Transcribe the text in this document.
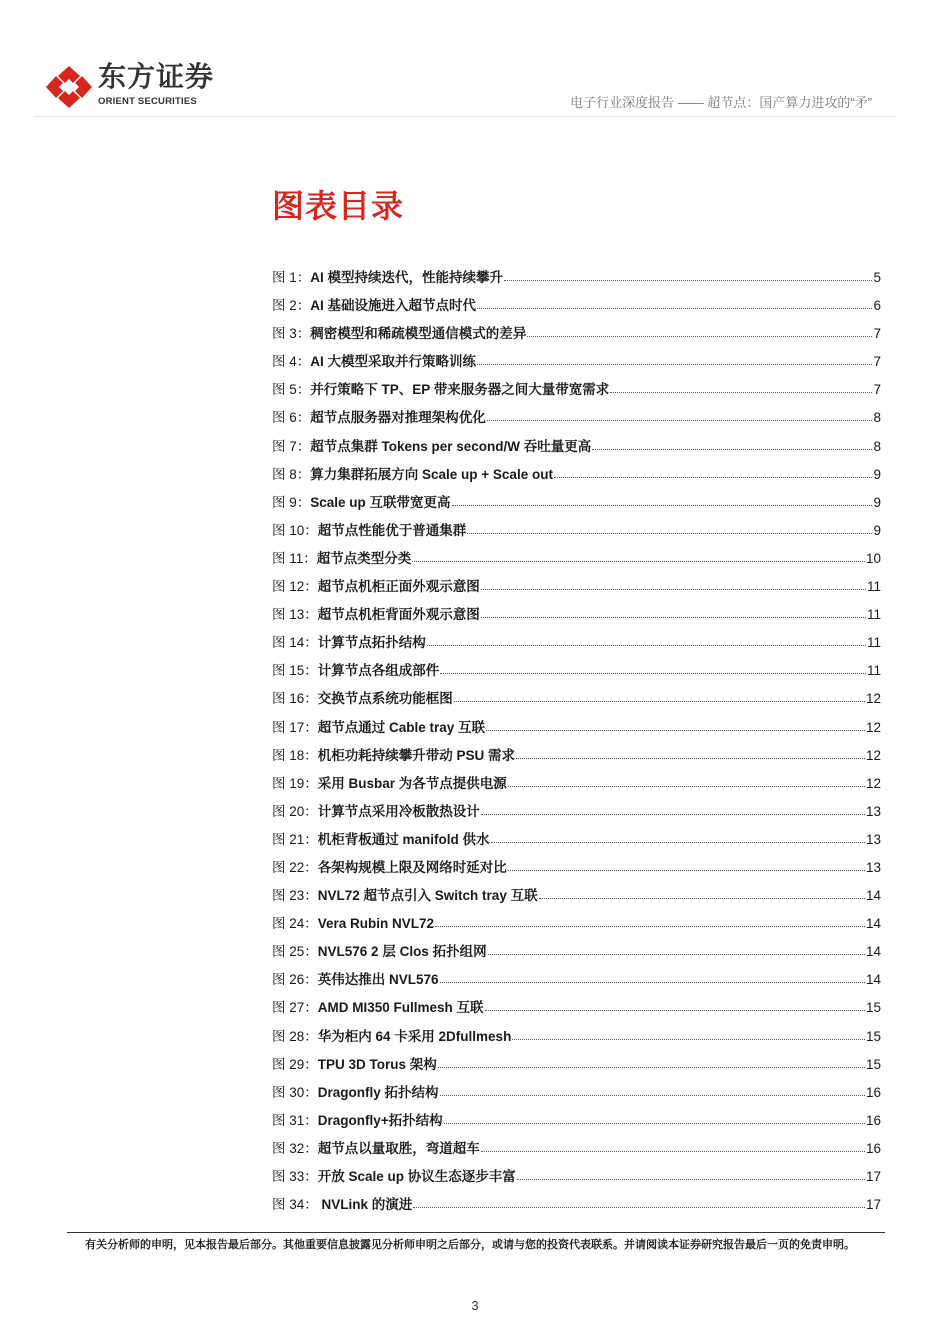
东方证券
ORIENT SECURITIES	电子行业深度报告 —— 超节点：国产算力进攻的“矛”
图表目录
图 1：AI 模型持续迭代，性能持续攀升	5
图 2：AI 基础设施进入超节点时代	6
图 3：稠密模型和稀疏模型通信模式的差异	7
图 4：AI 大模型采取并行策略训练	7
图 5：并行策略下 TP、EP 带来服务器之间大量带宽需求	7
图 6：超节点服务器对推理架构优化	8
图 7：超节点集群 Tokens per second/W 吞吐量更高	8
图 8：算力集群拓展方向 Scale up + Scale out	9
图 9：Scale up 互联带宽更高	9
图 10：超节点性能优于普通集群	9
图 11：超节点类型分类	10
图 12：超节点机柜正面外观示意图	11
图 13：超节点机柜背面外观示意图	11
图 14：计算节点拓扑结构	11
图 15：计算节点各组成部件	11
图 16：交换节点系统功能框图	12
图 17：超节点通过 Cable tray 互联	12
图 18：机柜功耗持续攀升带动 PSU 需求	12
图 19：采用 Busbar 为各节点提供电源	12
图 20：计算节点采用冷板散热设计	13
图 21：机柜背板通过 manifold 供水	13
图 22：各架构规模上限及网络时延对比	13
图 23：NVL72 超节点引入 Switch tray 互联	14
图 24：Vera Rubin NVL72	14
图 25：NVL576 2 层 Clos 拓扑组网	14
图 26：英伟达推出 NVL576	14
图 27：AMD MI350 Fullmesh 互联	15
图 28：华为柜内 64 卡采用 2Dfullmesh	15
图 29：TPU 3D Torus 架构	15
图 30：Dragonfly 拓扑结构	16
图 31：Dragonfly+拓扑结构	16
图 32：超节点以量取胜，弯道超车	16
图 33：开放 Scale up 协议生态逐步丰富	17
图 34： NVLink 的演进	17
有关分析师的申明，见本报告最后部分。其他重要信息披露见分析师申明之后部分，或请与您的投资代表联系。并请阅读本证券研究报告最后一页的免责申明。
3
